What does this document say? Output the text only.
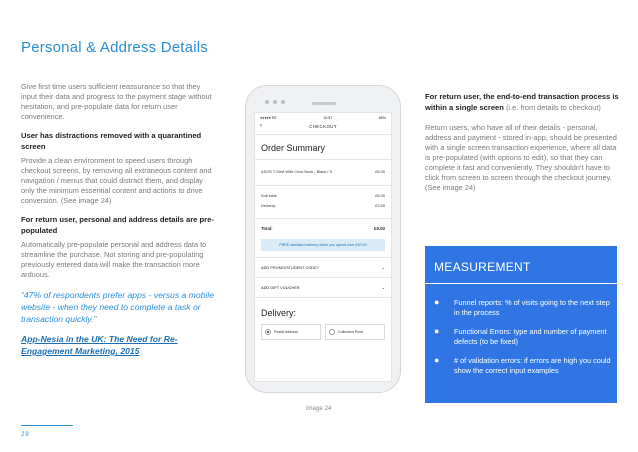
Personal & Address Details

Give first time users sufficient reassurance so that they input their data and progress to the payment stage without hesitation, and pre-populate data for return user convenience.

User has distractions removed with a quarantined screen

Provide a clean environment to speed users through checkout screens, by removing all extraneous content and navigation / menus that could distract them, and display only the minimum essential content and actions to drive conversion. (See image 24)

For return user, personal and address details are pre-populated

Automatically pre-populate personal and address data to streamline the purchase. Not storing and pre-populating previously entered data will make the transaction more arduous.

“47% of respondents prefer apps - versus a mobile website - when they need to complete a task or transaction quickly.”
App-Nesia in the UK: The Need for Re-Engagement Marketing, 2015
●●●●● EE	10:57	89%
‹	CHECKOUT
Order Summary
ASOS T-Shirt With Crew Neck - Black / S	£6.00
Sub total:	£6.00
Delivery:	£3.00
Total:	£9.00
FREE standard delivery when you spend over £20.00
ADD PROMO/STUDENT CODE?	⌄
ADD GIFT VOUCHER	⌄
Delivery:
Postal Address	Collection Point
image 24

For return user, the end-to-end transaction process is within a single screen (i.e. from details to checkout)

Return users, who have all of their details - personal, address and payment - stored in-app, should be presented with a single screen transaction experience, where all data is pre-populated (with options to edit), so that they can complete it fast and conveniently. They shouldn’t have to click from screen to screen through the checkout journey. (See image 24)

MEASUREMENT
●	Funnel reports: % of visits going to the next step in the process
●	Functional Errors: type and number of payment defects (to be fixed)
●	# of validation errors: if errors are high you could show the correct input examples
29
